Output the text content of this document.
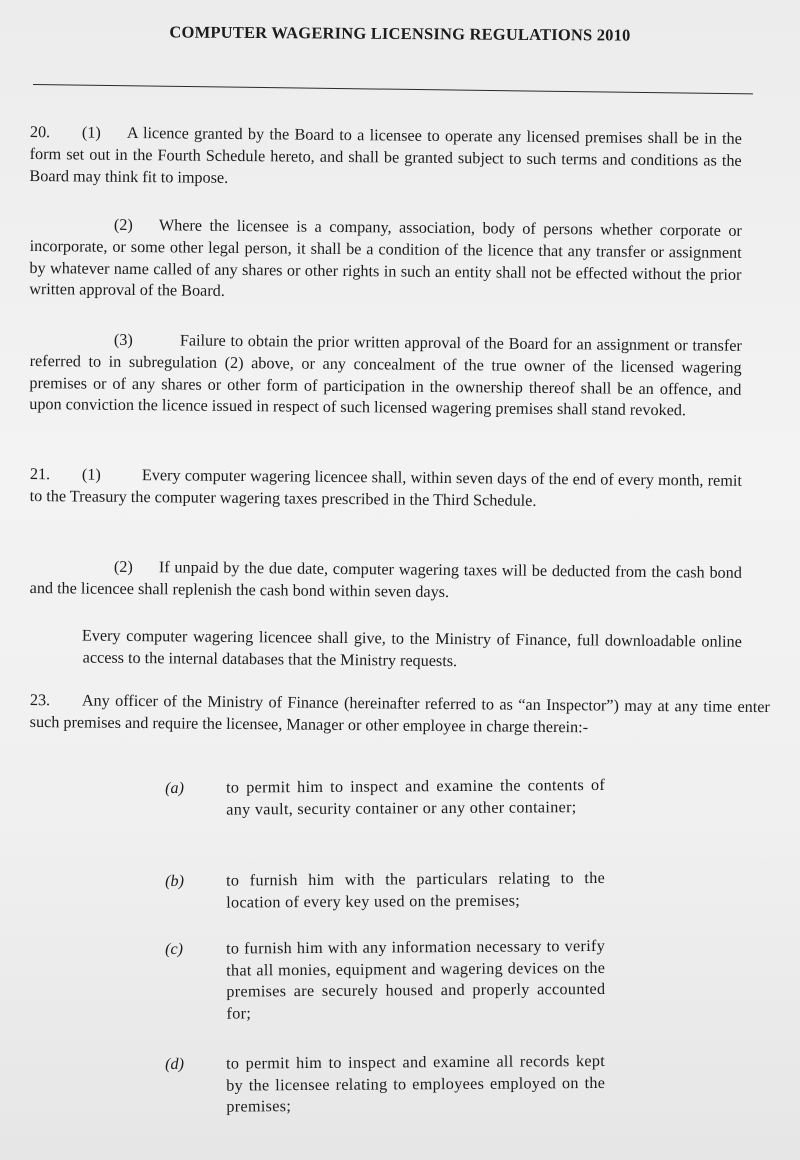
COMPUTER WAGERING LICENSING REGULATIONS 2010
20. (1) A licence granted by the Board to a licensee to operate any licensed premises shall be in the form set out in the Fourth Schedule hereto, and shall be granted subject to such terms and conditions as the Board may think fit to impose.
(2) Where the licensee is a company, association, body of persons whether corporate or incorporate, or some other legal person, it shall be a condition of the licence that any transfer or assignment by whatever name called of any shares or other rights in such an entity shall not be effected without the prior written approval of the Board.
(3)	Failure to obtain the prior written approval of the Board for an assignment or transfer referred to in subregulation (2) above, or any concealment of the true owner of the licensed wagering premises or of any shares or other form of participation in the ownership thereof shall be an offence, and upon conviction the licence issued in respect of such licensed wagering premises shall stand revoked.
21. (1)	Every computer wagering licencee shall, within seven days of the end of every month, remit to the Treasury the computer wagering taxes prescribed in the Third Schedule.
(2) If unpaid by the due date, computer wagering taxes will be deducted from the cash bond and the licencee shall replenish the cash bond within seven days.
Every computer wagering licencee shall give, to the Ministry of Finance, full downloadable online access to the internal databases that the Ministry requests.
23. Any officer of the Ministry of Finance (hereinafter referred to as “an Inspector”) may at any time enter such premises and require the licensee, Manager or other employee in charge therein:-
(a)	to permit him to inspect and examine the contents of any vault, security container or any other container;
(b)	to furnish him with the particulars relating to the location of every key used on the premises;
(c)	to furnish him with any information necessary to verify that all monies, equipment and wagering devices on the premises are securely housed and properly accounted for;
(d)	to permit him to inspect and examine all records kept by the licensee relating to employees employed on the premises;
